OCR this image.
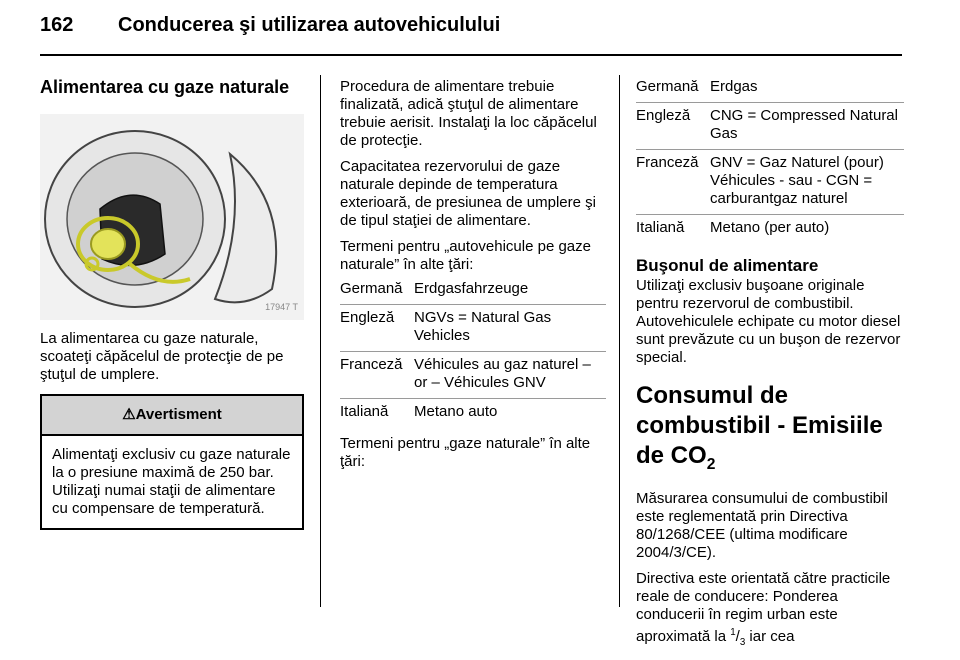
162 Conducerea şi utilizarea autovehiculului
Alimentarea cu gaze naturale
17947 T

La alimentarea cu gaze naturale, scoateţi căpăcelul de protecţie de pe ştuţul de umplere.

⚠Avertisment
Alimentaţi exclusiv cu gaze naturale la o presiune maximă de 250 bar. Utilizaţi numai staţii de alimentare cu compensare de temperatură.

Procedura de alimentare trebuie finalizată, adică ştuţul de alimentare trebuie aerisit. Instalaţi la loc căpăcelul de protecţie.

Capacitatea rezervorului de gaze naturale depinde de temperatura exterioară, de presiunea de umplere şi de tipul staţiei de alimentare.

Termeni pentru „autovehicule pe gaze naturale” în alte ţări:

Germană	Erdgasfahrzeuge
Engleză	NGVs = Natural Gas Vehicles
Franceză	Véhicules au gaz naturel – or – Véhicules GNV
Italiană	Metano auto

Termeni pentru „gaze naturale” în alte ţări:

Germană	Erdgas
Engleză	CNG = Compressed Natural Gas
Franceză	GNV = Gaz Naturel (pour) Véhicules - sau - CGN = carburantgaz naturel
Italiană	Metano (per auto)
Buşonul de alimentare

Utilizaţi exclusiv buşoane originale pentru rezervorul de combustibil. Autovehiculele echipate cu motor diesel sunt prevăzute cu un buşon de rezervor special.

Consumul de combustibil - Emisiile de $CO_2$

Măsurarea consumului de combustibil este reglementată prin Directiva 80/1268/CEE (ultima modificare 2004/3/CE).

Directiva este orientată către practicile reale de conducere: Ponderea conducerii în regim urban este aproximată la $^1/_3$ iar cea
